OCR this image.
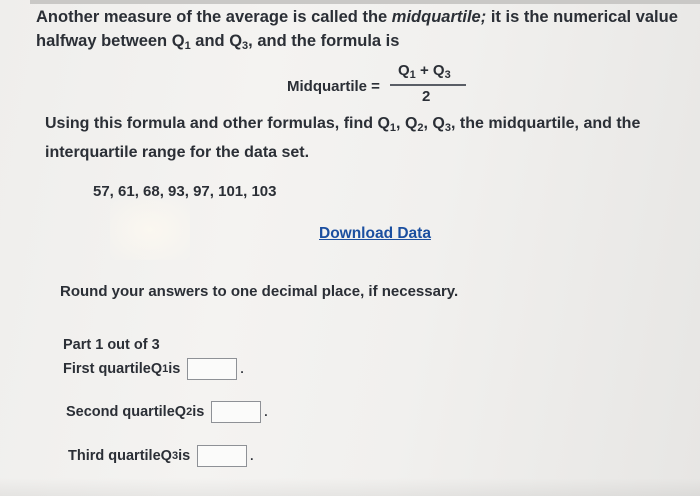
Another measure of the average is called the midquartile; it is the numerical value
halfway between $Q_1$ and $Q_3$, and the formula is
Midquartile =
$Q_1 + Q_3$
2
Using this formula and other formulas, find $Q_1$, $Q_2$, $Q_3$, the midquartile, and the
interquartile range for the data set.
57, 61, 68, 93, 97, 101, 103
Download Data
Round your answers to one decimal place, if necessary.
Part 1 out of 3
First quartile Q 1 is	.
Second quartile Q 2 is	.
Third quartile Q 3 is	.
